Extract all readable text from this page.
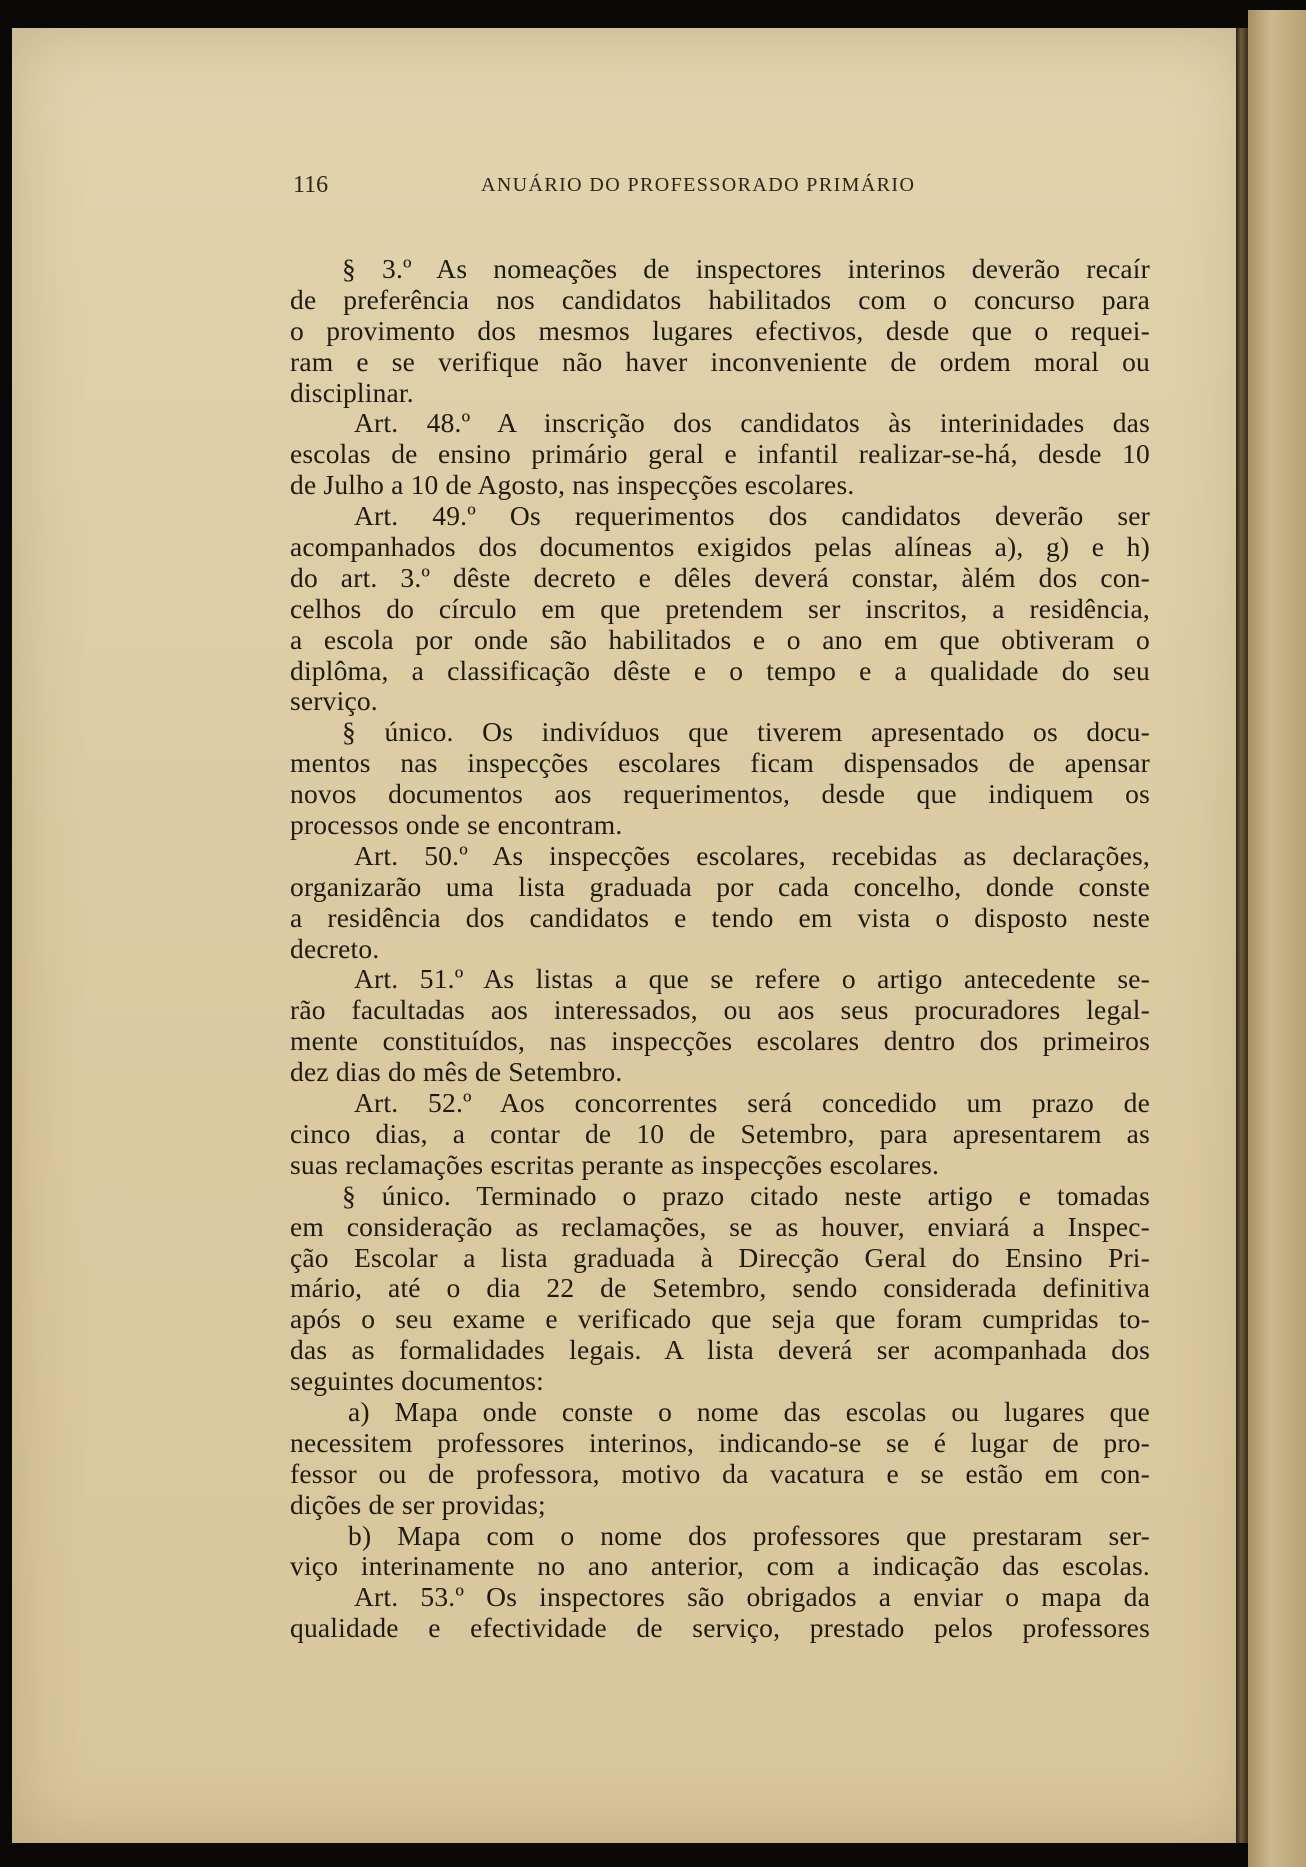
116	ANUÁRIO DO PROFESSORADO PRIMÁRIO
§ 3.º As nomeações de inspectores interinos deverão recaír
de preferência nos candidatos habilitados com o concurso para
o provimento dos mesmos lugares efectivos, desde que o requei-
ram e se verifique não haver inconveniente de ordem moral ou
disciplinar.
Art. 48.º A inscrição dos candidatos às interinidades das
escolas de ensino primário geral e infantil realizar-se-há, desde 10
de Julho a 10 de Agosto, nas inspecções escolares.
Art. 49.º Os requerimentos dos candidatos deverão ser
acompanhados dos documentos exigidos pelas alíneas a), g) e h)
do art. 3.º dêste decreto e dêles deverá constar, àlém dos con-
celhos do círculo em que pretendem ser inscritos, a residência,
a escola por onde são habilitados e o ano em que obtiveram o
diplôma, a classificação dêste e o tempo e a qualidade do seu
serviço.
§ único. Os indivíduos que tiverem apresentado os docu-
mentos nas inspecções escolares ficam dispensados de apensar
novos documentos aos requerimentos, desde que indiquem os
processos onde se encontram.
Art. 50.º As inspecções escolares, recebidas as declarações,
organizarão uma lista graduada por cada concelho, donde conste
a residência dos candidatos e tendo em vista o disposto neste
decreto.
Art. 51.º As listas a que se refere o artigo antecedente se-
rão facultadas aos interessados, ou aos seus procuradores legal-
mente constituídos, nas inspecções escolares dentro dos primeiros
dez dias do mês de Setembro.
Art. 52.º Aos concorrentes será concedido um prazo de
cinco dias, a contar de 10 de Setembro, para apresentarem as
suas reclamações escritas perante as inspecções escolares.
§ único. Terminado o prazo citado neste artigo e tomadas
em consideração as reclamações, se as houver, enviará a Inspec-
ção Escolar a lista graduada à Direcção Geral do Ensino Pri-
mário, até o dia 22 de Setembro, sendo considerada definitiva
após o seu exame e verificado que seja que foram cumpridas to-
das as formalidades legais. A lista deverá ser acompanhada dos
seguintes documentos:
a) Mapa onde conste o nome das escolas ou lugares que
necessitem professores interinos, indicando-se se é lugar de pro-
fessor ou de professora, motivo da vacatura e se estão em con-
dições de ser providas;
b) Mapa com o nome dos professores que prestaram ser-
viço interinamente no ano anterior, com a indicação das escolas.
Art. 53.º Os inspectores são obrigados a enviar o mapa da
qualidade e efectividade de serviço, prestado pelos professores
